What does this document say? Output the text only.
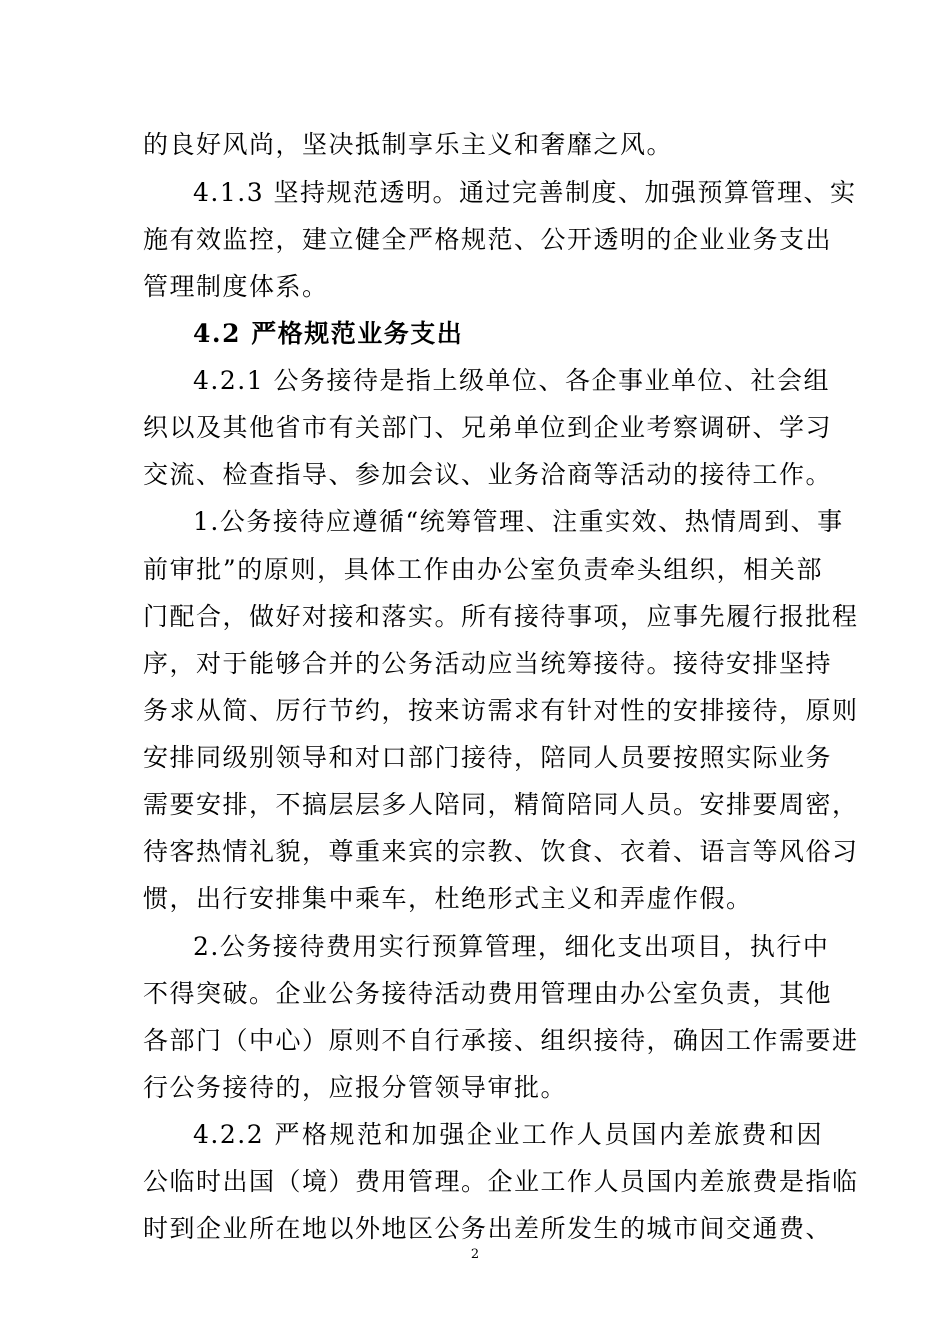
的良好风尚，坚决抵制享乐主义和奢靡之风。
4.1.3 坚持规范透明。通过完善制度、加强预算管理、实
施有效监控，建立健全严格规范、公开透明的企业业务支出
管理制度体系。
4.2 严格规范业务支出
4.2.1 公务接待是指上级单位、各企事业单位、社会组
织以及其他省市有关部门、兄弟单位到企业考察调研、学习
交流、检查指导、参加会议、业务洽商等活动的接待工作。
1.公务接待应遵循“统筹管理、注重实效、热情周到、事
前审批”的原则，具体工作由办公室负责牵头组织，相关部
门配合，做好对接和落实。所有接待事项，应事先履行报批程
序，对于能够合并的公务活动应当统筹接待。接待安排坚持
务求从简、厉行节约，按来访需求有针对性的安排接待，原则
安排同级别领导和对口部门接待，陪同人员要按照实际业务
需要安排，不搞层层多人陪同，精简陪同人员。安排要周密，
待客热情礼貌，尊重来宾的宗教、饮食、衣着、语言等风俗习
惯，出行安排集中乘车，杜绝形式主义和弄虚作假。
2.公务接待费用实行预算管理，细化支出项目，执行中
不得突破。企业公务接待活动费用管理由办公室负责，其他
各部门（中心）原则不自行承接、组织接待，确因工作需要进
行公务接待的，应报分管领导审批。
4.2.2 严格规范和加强企业工作人员国内差旅费和因
公临时出国（境）费用管理。企业工作人员国内差旅费是指临
时到企业所在地以外地区公务出差所发生的城市间交通费、
2
